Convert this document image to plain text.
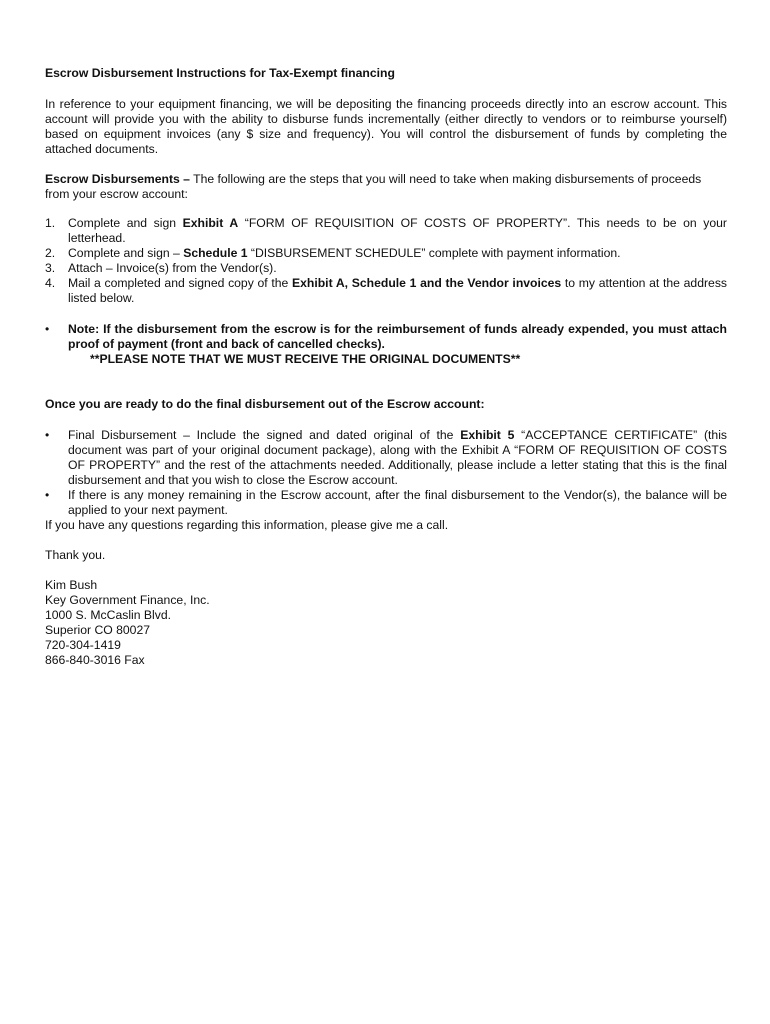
Escrow Disbursement Instructions for Tax-Exempt financing

In reference to your equipment financing, we will be depositing the financing proceeds directly into an escrow account. This account will provide you with the ability to disburse funds incrementally (either directly to vendors or to reimburse yourself) based on equipment invoices (any $ size and frequency). You will control the disbursement of funds by completing the attached documents.

Escrow Disbursements – The following are the steps that you will need to take when making disbursements of proceeds from your escrow account:

1. Complete and sign Exhibit A “FORM OF REQUISITION OF COSTS OF PROPERTY”. This needs to be on your letterhead.
2. Complete and sign – Schedule 1 “DISBURSEMENT SCHEDULE” complete with payment information.
3. Attach – Invoice(s) from the Vendor(s).
4. Mail a completed and signed copy of the Exhibit A, Schedule 1 and the Vendor invoices to my attention at the address listed below.
• Note: If the disbursement from the escrow is for the reimbursement of funds already expended, you must attach proof of payment (front and back of cancelled checks).

**PLEASE NOTE THAT WE MUST RECEIVE THE ORIGINAL DOCUMENTS**

Once you are ready to do the final disbursement out of the Escrow account:

• Final Disbursement – Include the signed and dated original of the Exhibit 5 “ACCEPTANCE CERTIFICATE” (this document was part of your original document package), along with the Exhibit A “FORM OF REQUISITION OF COSTS OF PROPERTY” and the rest of the attachments needed. Additionally, please include a letter stating that this is the final disbursement and that you wish to close the Escrow account.
• If there is any money remaining in the Escrow account, after the final disbursement to the Vendor(s), the balance will be applied to your next payment.

If you have any questions regarding this information, please give me a call.

Thank you.

Kim Bush
Key Government Finance, Inc.
1000 S. McCaslin Blvd.
Superior CO 80027
720-304-1419
866-840-3016 Fax
